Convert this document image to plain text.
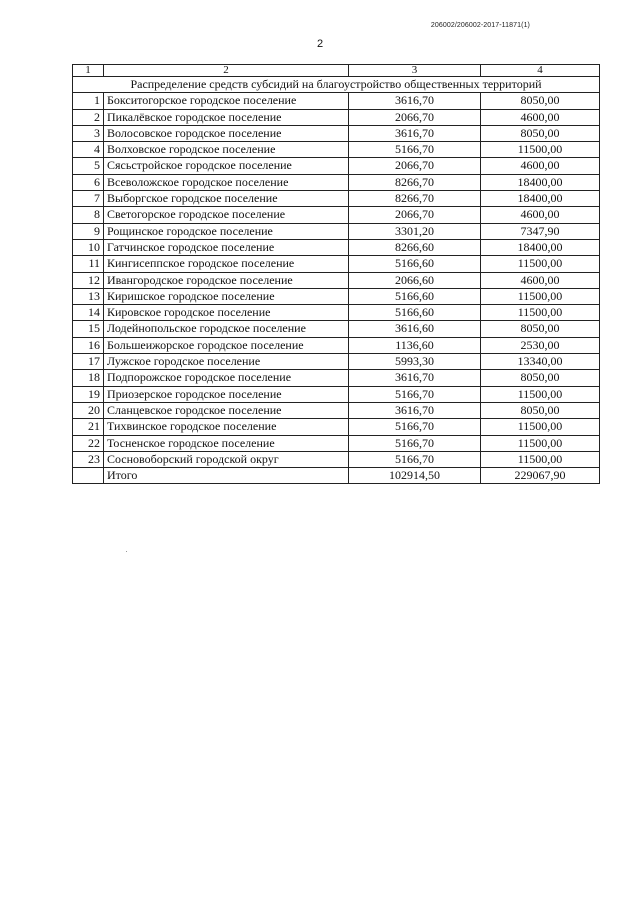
206002/206002-2017-11871(1)
2
1	2	3	4
Распределение средств субсидий на благоустройство общественных территорий			
1	Бокситогорское городское поселение	3616,70	8050,00
2	Пикалёвское городское поселение	2066,70	4600,00
3	Волосовское городское поселение	3616,70	8050,00
4	Волховское городское поселение	5166,70	11500,00
5	Сясьстройское городское поселение	2066,70	4600,00
6	Всеволожское городское поселение	8266,70	18400,00
7	Выборгское городское поселение	8266,70	18400,00
8	Светогорское городское поселение	2066,70	4600,00
9	Рощинское городское поселение	3301,20	7347,90
10	Гатчинское городское поселение	8266,60	18400,00
11	Кингисеппское городское поселение	5166,60	11500,00
12	Ивангородское городское поселение	2066,60	4600,00
13	Киришское городское поселение	5166,60	11500,00
14	Кировское городское поселение	5166,60	11500,00
15	Лодейнопольское городское поселение	3616,60	8050,00
16	Большеижорское городское поселение	1136,60	2530,00
17	Лужское городское поселение	5993,30	13340,00
18	Подпорожское городское поселение	3616,70	8050,00
19	Приозерское городское поселение	5166,70	11500,00
20	Сланцевское городское поселение	3616,70	8050,00
21	Тихвинское городское поселение	5166,70	11500,00
22	Тосненское городское поселение	5166,70	11500,00
23	Сосновоборский городской округ	5166,70	11500,00
	Итого	102914,50	229067,90
